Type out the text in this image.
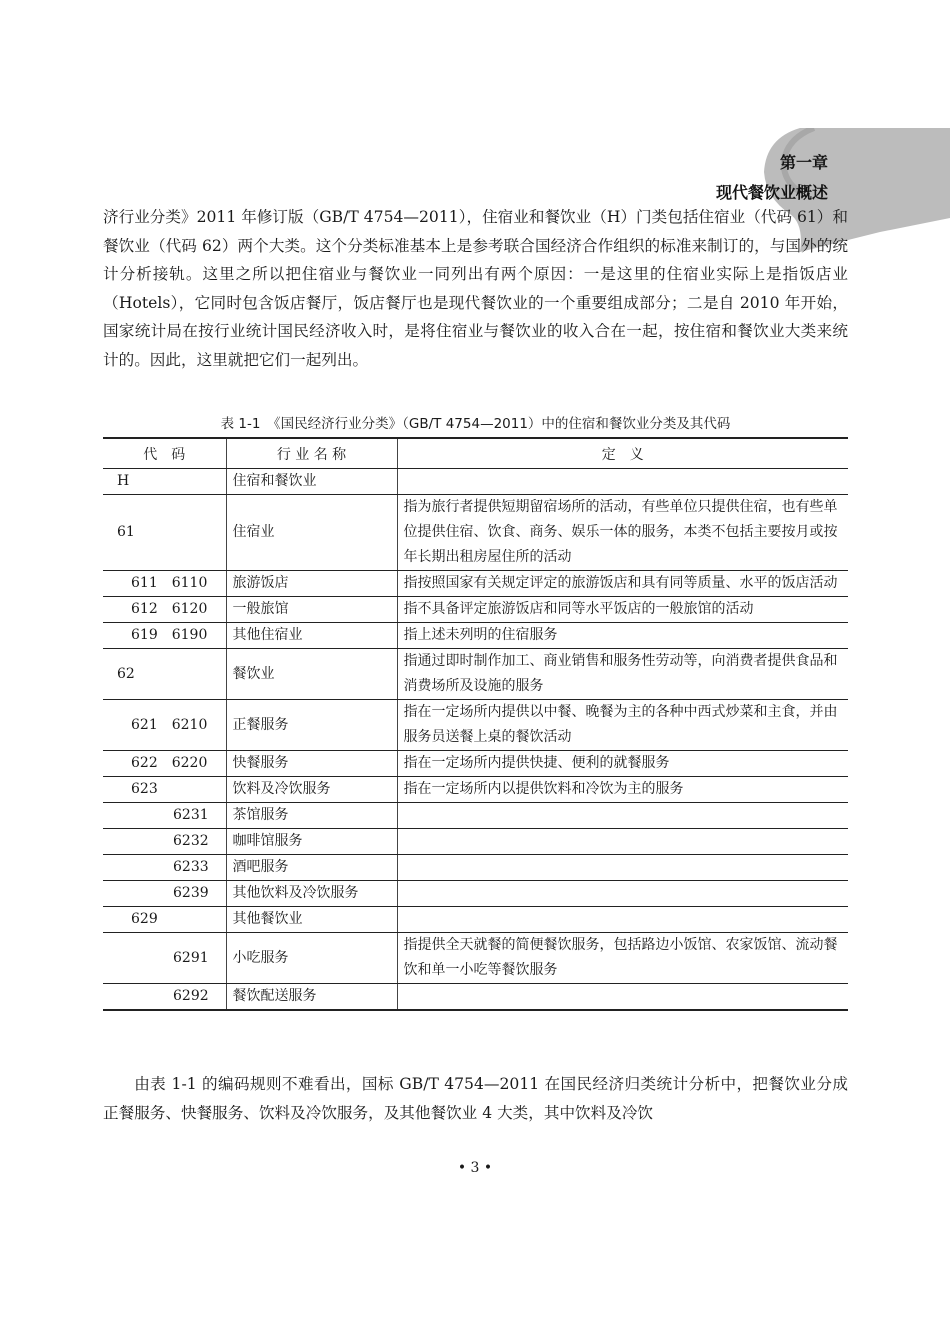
第一章
现代餐饮业概述

济行业分类》2011 年修订版（GB/T 4754—2011），住宿业和餐饮业（H）门类包括住宿业（代码 61）和餐饮业（代码 62）两个大类。这个分类标准基本上是参考联合国经济合作组织的标准来制订的，与国外的统计分析接轨。这里之所以把住宿业与餐饮业一同列出有两个原因：一是这里的住宿业实际上是指饭店业（Hotels），它同时包含饭店餐厅，饭店餐厅也是现代餐饮业的一个重要组成部分；二是自 2010 年开始，国家统计局在按行业统计国民经济收入时，是将住宿业与餐饮业的收入合在一起，按住宿和餐饮业大类来统计的。因此，这里就把它们一起列出。

表 1-1　《国民经济行业分类》（GB/T 4754—2011）中的住宿和餐饮业分类及其代码
代　码	行 业 名 称	定　义
H	住宿和餐饮业	
61	住宿业	指为旅行者提供短期留宿场所的活动，有些单位只提供住宿，也有些单位提供住宿、饮食、商务、娱乐一体的服务，本类不包括主要按月或按年长期出租房屋住所的活动
611　6110	旅游饭店	指按照国家有关规定评定的旅游饭店和具有同等质量、水平的饭店活动
612　6120	一般旅馆	指不具备评定旅游饭店和同等水平饭店的一般旅馆的活动
619　6190	其他住宿业	指上述未列明的住宿服务
62	餐饮业	指通过即时制作加工、商业销售和服务性劳动等，向消费者提供食品和消费场所及设施的服务
621　6210	正餐服务	指在一定场所内提供以中餐、晚餐为主的各种中西式炒菜和主食，并由服务员送餐上桌的餐饮活动
622　6220	快餐服务	指在一定场所内提供快捷、便利的就餐服务
623	饮料及冷饮服务	指在一定场所内以提供饮料和冷饮为主的服务
6231	茶馆服务	
6232	咖啡馆服务	
6233	酒吧服务	
6239	其他饮料及冷饮服务	
629	其他餐饮业	
6291	小吃服务	指提供全天就餐的简便餐饮服务，包括路边小饭馆、农家饭馆、流动餐饮和单一小吃等餐饮服务
6292	餐饮配送服务	

由表 1-1 的编码规则不难看出，国标 GB/T 4754—2011 在国民经济归类统计分析中，把餐饮业分成正餐服务、快餐服务、饮料及冷饮服务，及其他餐饮业 4 大类，其中饮料及冷饮

• 3 •
